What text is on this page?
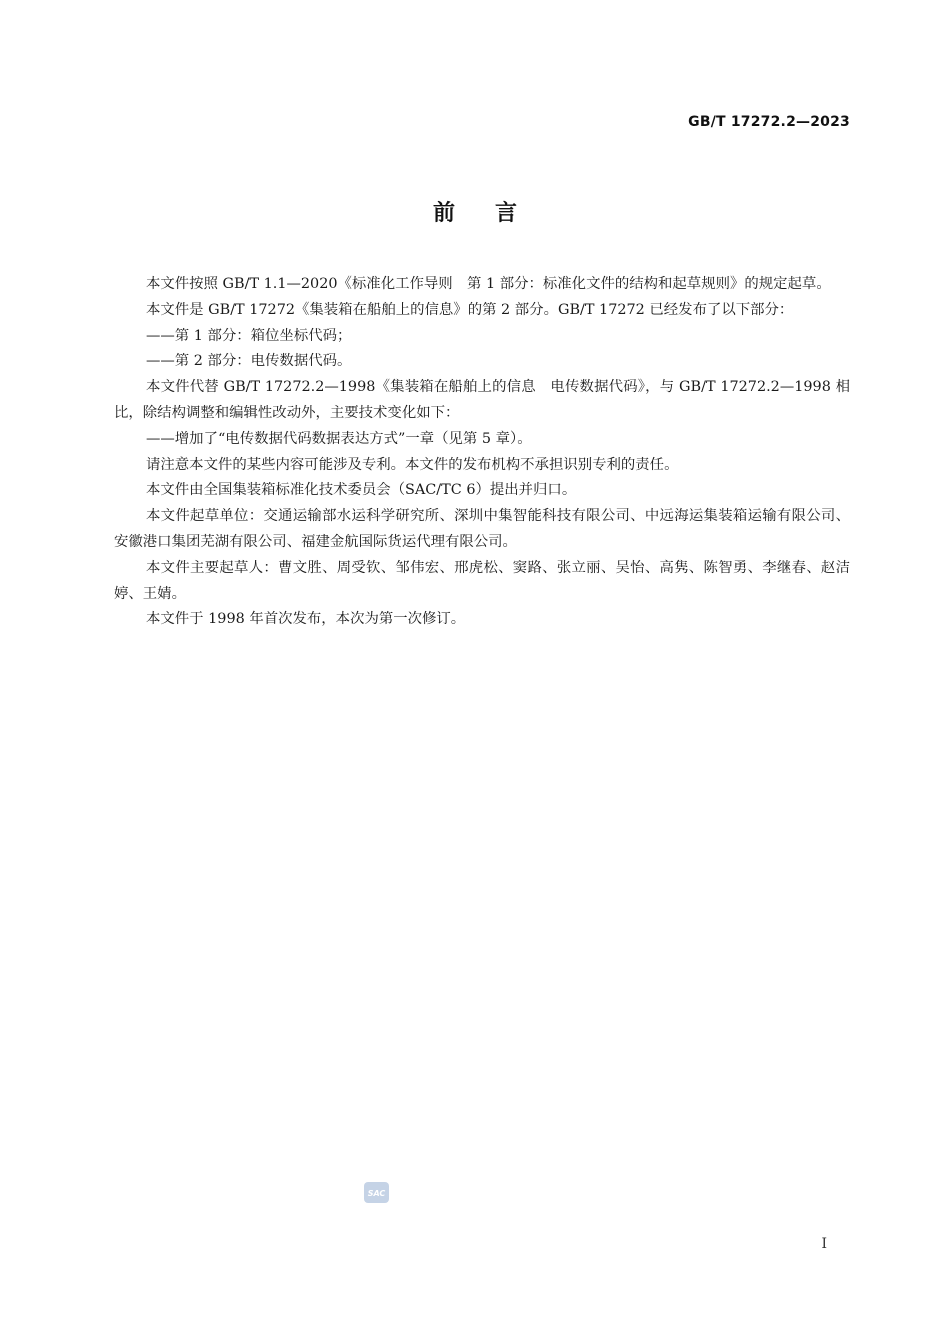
GB/T 17272.2—2023
前言

本文件按照 GB/T 1.1—2020《标准化工作导则　第 1 部分：标准化文件的结构和起草规则》的规定起草。

本文件是 GB/T 17272《集装箱在船舶上的信息》的第 2 部分。GB/T 17272 已经发布了以下部分：

——第 1 部分：箱位坐标代码；

——第 2 部分：电传数据代码。

本文件代替 GB/T 17272.2—1998《集装箱在船舶上的信息　电传数据代码》，与 GB/T 17272.2—1998 相比，除结构调整和编辑性改动外，主要技术变化如下：

——增加了“电传数据代码数据表达方式”一章（见第 5 章）。

请注意本文件的某些内容可能涉及专利。本文件的发布机构不承担识别专利的责任。

本文件由全国集装箱标准化技术委员会（SAC/TC 6）提出并归口。

本文件起草单位：交通运输部水运科学研究所、深圳中集智能科技有限公司、中远海运集装箱运输有限公司、安徽港口集团芜湖有限公司、福建金航国际货运代理有限公司。

本文件主要起草人：曹文胜、周受钦、邹伟宏、邢虎松、窦路、张立丽、吴怡、高隽、陈智勇、李继春、赵洁婷、王婧。

本文件于 1998 年首次发布，本次为第一次修订。

SAC
I
